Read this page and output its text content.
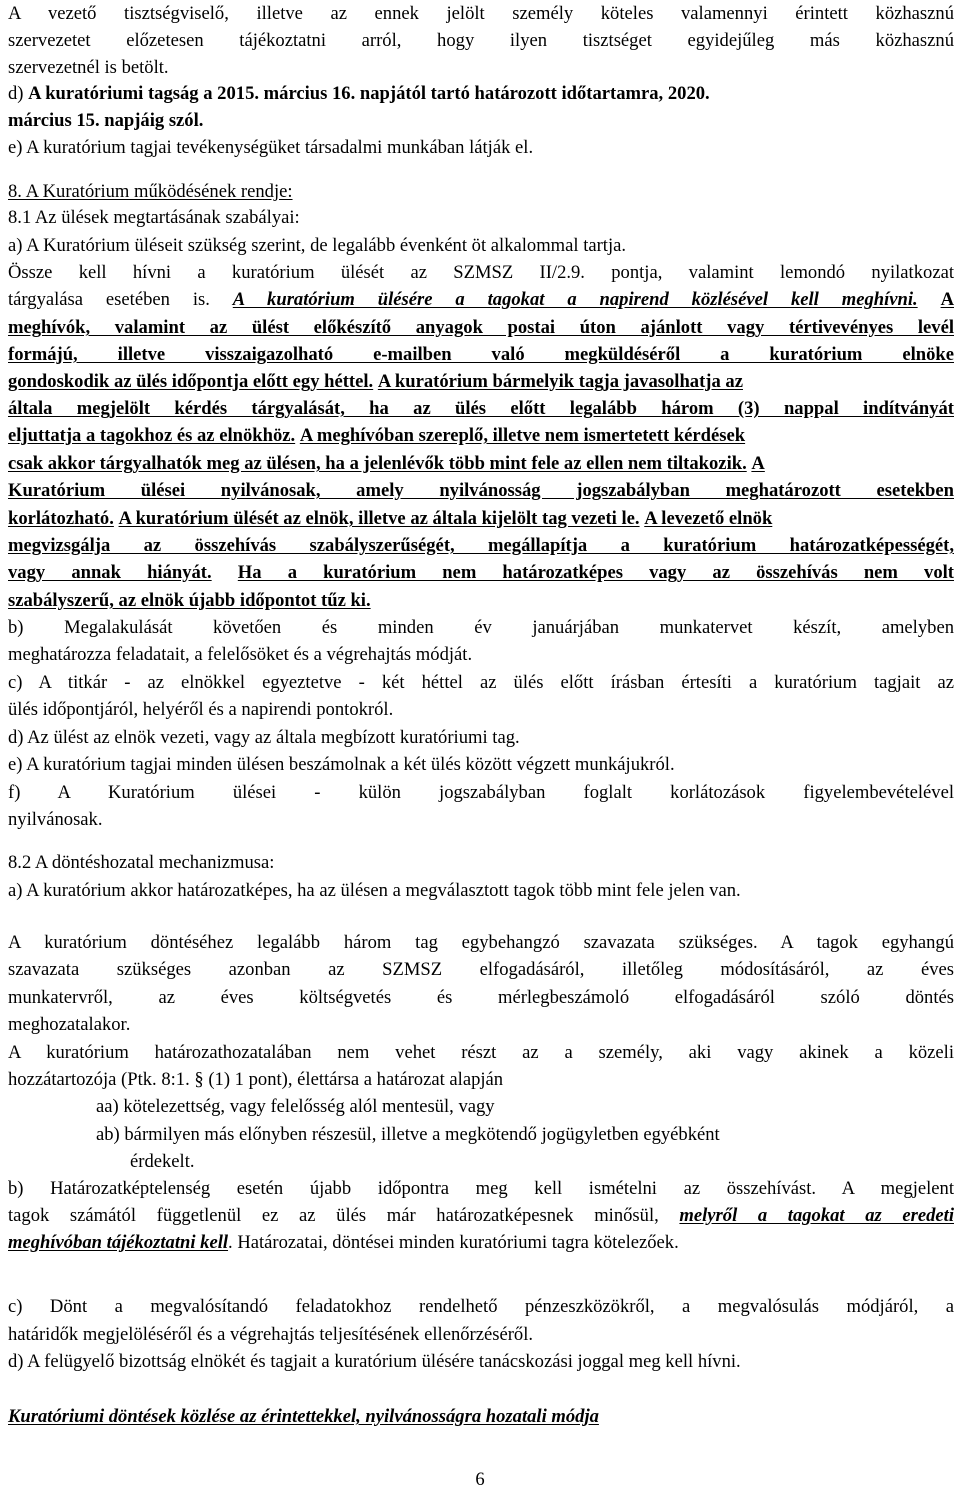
A vezető tisztségviselő, illetve az ennek jelölt személy köteles valamennyi érintett közhasznú
szervezetet előzetesen tájékoztatni arról, hogy ilyen tisztséget egyidejűleg más közhasznú
szervezetnél is betölt.
d) A kuratóriumi tagság a 2015. március 16. napjától tartó határozott időtartamra, 2020.
március 15. napjáig szól.
e) A kuratórium tagjai tevékenységüket társadalmi munkában látják el.
8. A Kuratórium működésének rendje:
8.1 Az ülések megtartásának szabályai:
a) A Kuratórium üléseit szükség szerint, de legalább évenként öt alkalommal tartja.
Össze kell hívni a kuratórium ülését az SZMSZ II/2.9. pontja, valamint lemondó nyilatkozat
tárgyalása esetében is. A kuratórium ülésére a tagokat a napirend közlésével kell meghívni. A
meghívók, valamint az ülést előkészítő anyagok postai úton ajánlott vagy tértivevényes levél
formájú, illetve visszaigazolható e-mailben való megküldéséről a kuratórium elnöke
gondoskodik az ülés időpontja előtt egy héttel. A kuratórium bármelyik tagja javasolhatja az
általa megjelölt kérdés tárgyalását, ha az ülés előtt legalább három (3) nappal indítványát
eljuttatja a tagokhoz és az elnökhöz. A meghívóban szereplő, illetve nem ismertetett kérdések
csak akkor tárgyalhatók meg az ülésen, ha a jelenlévők több mint fele az ellen nem tiltakozik. A
Kuratórium ülései nyilvánosak, amely nyilvánosság jogszabályban meghatározott esetekben
korlátozható. A kuratórium ülését az elnök, illetve az általa kijelölt tag vezeti le. A levezető elnök
megvizsgálja az összehívás szabályszerűségét, megállapítja a kuratórium határozatképességét,
vagy annak hiányát. Ha a kuratórium nem határozatképes vagy az összehívás nem volt
szabályszerű, az elnök újabb időpontot tűz ki.
b) Megalakulását követően és minden év januárjában munkatervet készít, amelyben
meghatározza feladatait, a felelősöket és a végrehajtás módját.
c) A titkár - az elnökkel egyeztetve - két héttel az ülés előtt írásban értesíti a kuratórium tagjait az
ülés időpontjáról, helyéről és a napirendi pontokról.
d) Az ülést az elnök vezeti, vagy az általa megbízott kuratóriumi tag.
e) A kuratórium tagjai minden ülésen beszámolnak a két ülés között végzett munkájukról.
f) A Kuratórium ülései - külön jogszabályban foglalt korlátozások figyelembevételével
nyilvánosak.
8.2 A döntéshozatal mechanizmusa:
a) A kuratórium akkor határozatképes, ha az ülésen a megválasztott tagok több mint fele jelen van.
A kuratórium döntéséhez legalább három tag egybehangzó szavazata szükséges. A tagok egyhangú
szavazata szükséges azonban az SZMSZ elfogadásáról, illetőleg módosításáról, az éves
munkatervről, az éves költségvetés és mérlegbeszámoló elfogadásáról szóló döntés
meghozatalakor.
A kuratórium határozathozatalában nem vehet részt az a személy, aki vagy akinek a közeli
hozzátartozója (Ptk. 8:1. § (1) 1 pont), élettársa a határozat alapján
aa) kötelezettség, vagy felelősség alól mentesül, vagy
ab) bármilyen más előnyben részesül, illetve a megkötendő jogügyletben egyébként
érdekelt.
b) Határozatképtelenség esetén újabb időpontra meg kell ismételni az összehívást. A megjelent
tagok számától függetlenül ez az ülés már határozatképesnek minősül, melyről a tagokat az eredeti
meghívóban tájékoztatni kell. Határozatai, döntései minden kuratóriumi tagra kötelezőek.
c) Dönt a megvalósítandó feladatokhoz rendelhető pénzeszközökről, a megvalósulás módjáról, a
határidők megjelöléséről és a végrehajtás teljesítésének ellenőrzéséről.
d) A felügyelő bizottság elnökét és tagjait a kuratórium ülésére tanácskozási joggal meg kell hívni.
Kuratóriumi döntések közlése az érintettekkel, nyilvánosságra hozatali módja
6
